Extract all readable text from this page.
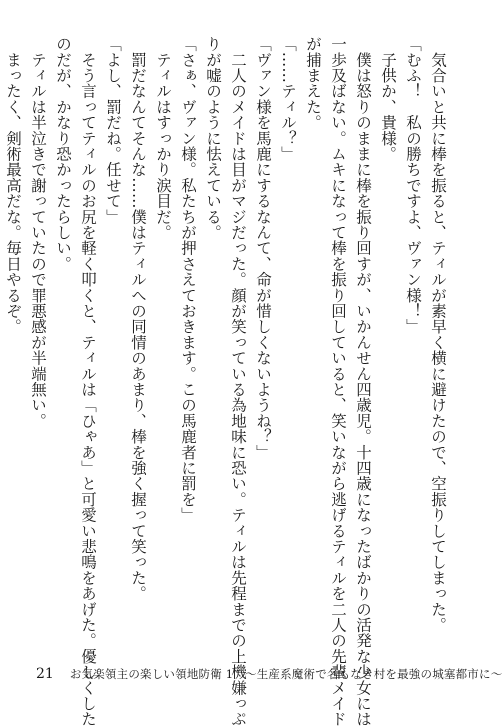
　気合いと共に棒を振ると、ティルが素早く横に避けたので、空振りしてしまった。

「むふ！　私の勝ちですよ、ヴァン様！」

　子供か、貴様。

　僕は怒りのままに棒を振り回すが、いかんせん四歳児。十四歳になったばかりの活発な少女には

一歩及ばない。ムキになって棒を振り回していると、笑いながら逃げるティルを二人の先輩メイド

が捕まえた。

「……ティル？」

「ヴァン様を馬鹿にするなんて、命が惜しくないようね？」

　二人のメイドは目がマジだった。顔が笑っている為地味に恐い。ティルは先程までの上機嫌っぷ

りが嘘のように怯えている。

「さぁ、ヴァン様。私たちが押さえておきます。この馬鹿者に罰を」

　ティルはすっかり涙目だ。

　罰だなんてそんな……僕はティルへの同情のあまり、棒を強く握って笑った。

「よし、罰だね。任せて」

　そう言ってティルのお尻を軽く叩くと、ティルは「ひゃあ」と可愛い悲鳴をあげた。優しくした

のだが、かなり恐かったらしい。

　ティルは半泣きで謝っていたので罪悪感が半端無い。

　まったく、剣術最高だな。毎日やるぞ。

21 お気楽領主の楽しい領地防衛 1　〜生産系魔術で名もなき村を最強の城塞都市に〜
